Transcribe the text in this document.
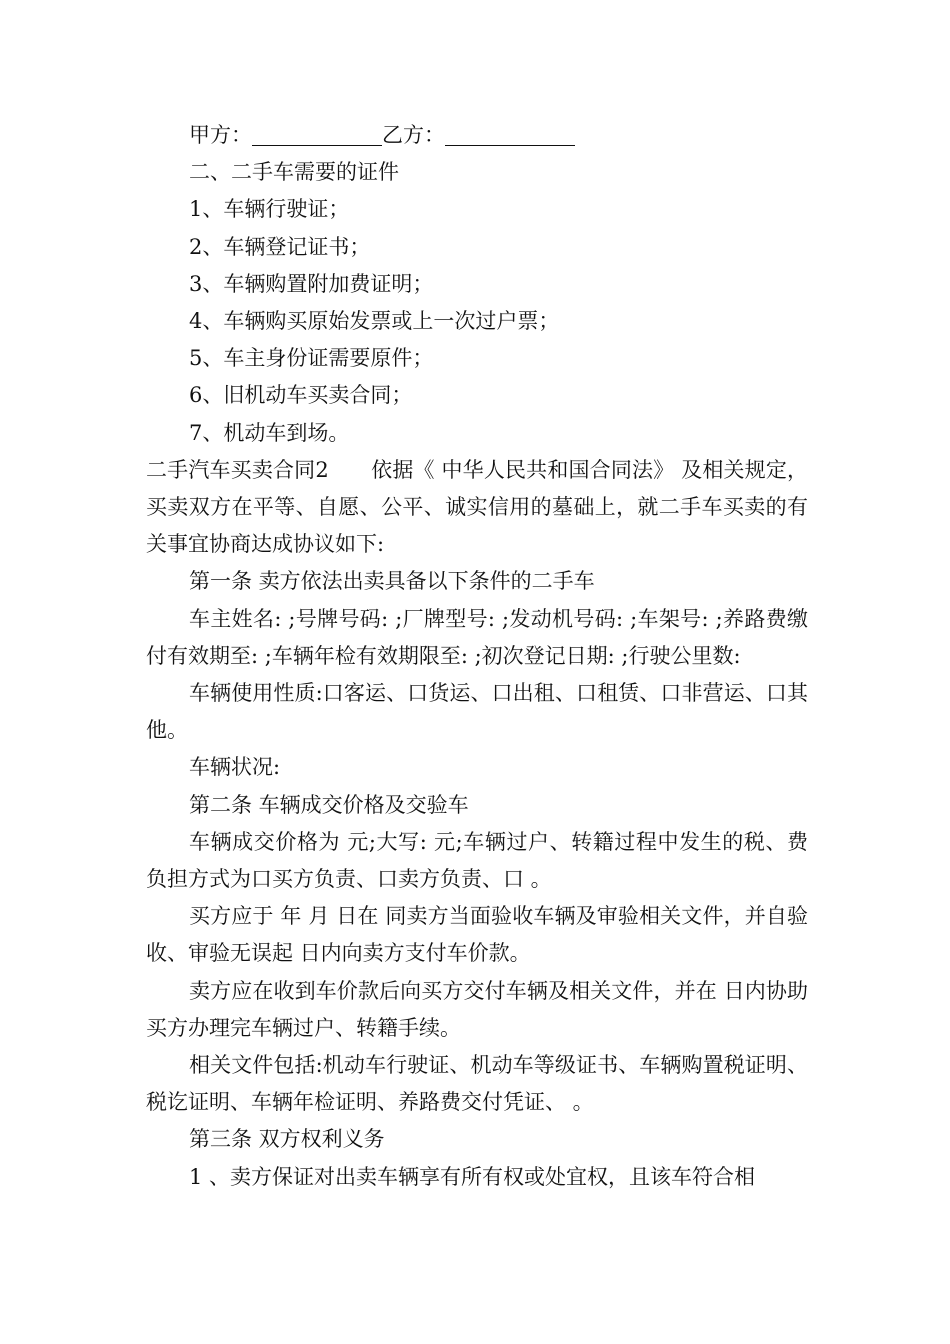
甲方：	乙方：
二、二手车需要的证件
1、车辆行驶证；
2、车辆登记证书；
3、车辆购置附加费证明；
4、车辆购买原始发票或上一次过户票；
5、车主身份证需要原件；
6、旧机动车买卖合同；
7、机动车到场。
二手汽车买卖合同2　　依据《 中华人民共和国合同法》 及相关规定，买卖双方在平等、自愿、公平、诚实信用的墓础上，就二手车买卖的有关事宜协商达成协议如下:
第一条 卖方依法出卖具备以下条件的二手车
车主姓名: ;号牌号码: ;厂牌型号: ;发动机号码: ;车架号: ;养路费缴付有效期至: ;车辆年检有效期限至: ;初次登记日期: ;行驶公里数:
车辆使用性质:口客运、口货运、口出租、口租赁、口非营运、口其他。
车辆状况:
第二条 车辆成交价格及交验车
车辆成交价格为 元;大写: 元;车辆过户、转籍过程中发生的税、费负担方式为口买方负责、口卖方负责、口 。
买方应于 年 月 日在 同卖方当面验收车辆及审验相关文件，并自验收、审验无误起 日内向卖方支付车价款。
卖方应在收到车价款后向买方交付车辆及相关文件，并在 日内协助买方办理完车辆过户、转籍手续。
相关文件包括:机动车行驶证、机动车等级证书、车辆购置税证明、税讫证明、车辆年检证明、养路费交付凭证、 。
第三条 双方权利义务
1 、卖方保证对出卖车辆享有所有权或处宜权，且该车符合相
